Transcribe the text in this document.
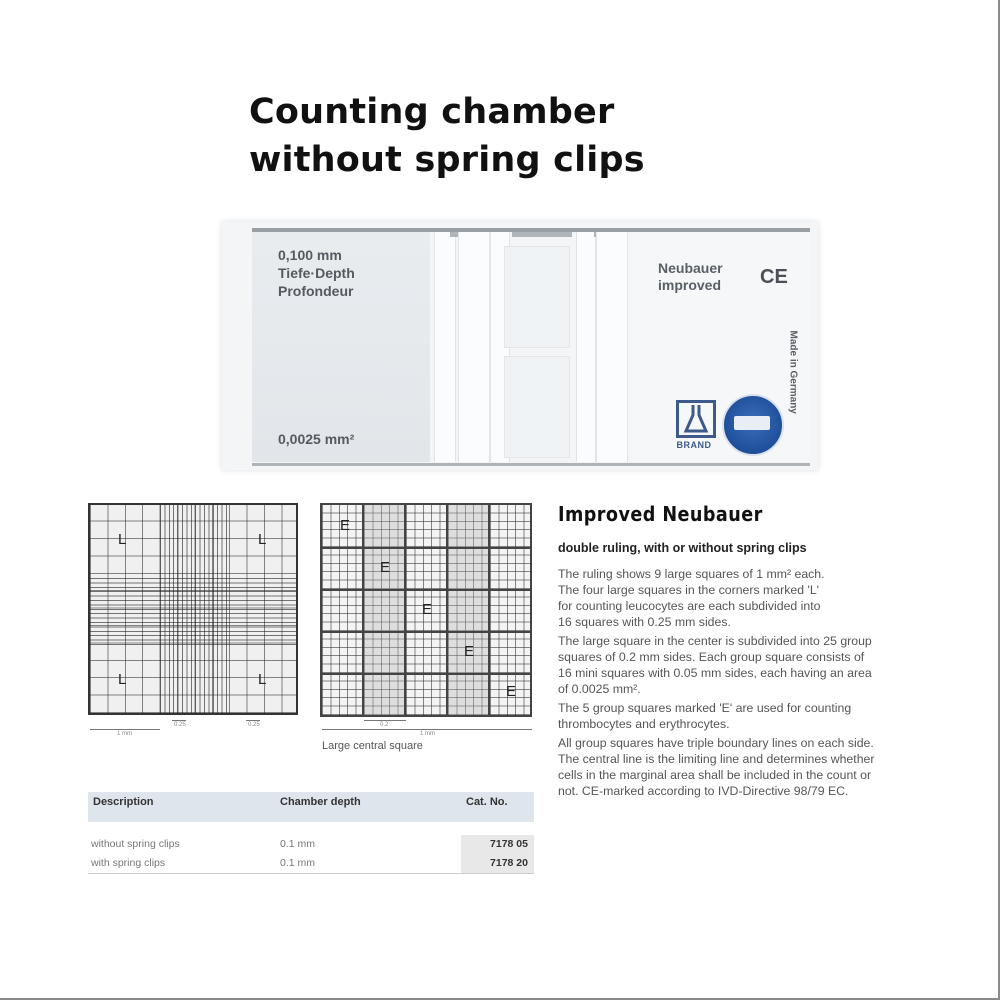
Counting chamber
without spring clips
0,100 mm
Tiefe·Depth
Profondeur
0,0025 mm²
Neubauer
improved CE
Made in Germany
BRAND
L	L
L	L
1 mm
0.25	0.25
E
E
E
E
E
0.2
1 mm
Large central square
Improved Neubauer
double ruling, with or without spring clips

The ruling shows 9 large squares of 1 mm² each.
The four large squares in the corners marked 'L'
for counting leucocytes are each subdivided into
16 squares with 0.25 mm sides.

The large square in the center is subdivided into 25 group
squares of 0.2 mm sides. Each group square consists of
16 mini squares with 0.05 mm sides, each having an area
of 0.0025 mm².

The 5 group squares marked 'E' are used for counting
thrombocytes and erythrocytes.

All group squares have triple boundary lines on each side.
The central line is the limiting line and determines whether
cells in the marginal area shall be included in the count or
not. CE-marked according to IVD-Directive 98/79 EC.

Description	Chamber depth	Cat. No.
without spring clips	0.1 mm	7178 05
with spring clips	0.1 mm	7178 20
